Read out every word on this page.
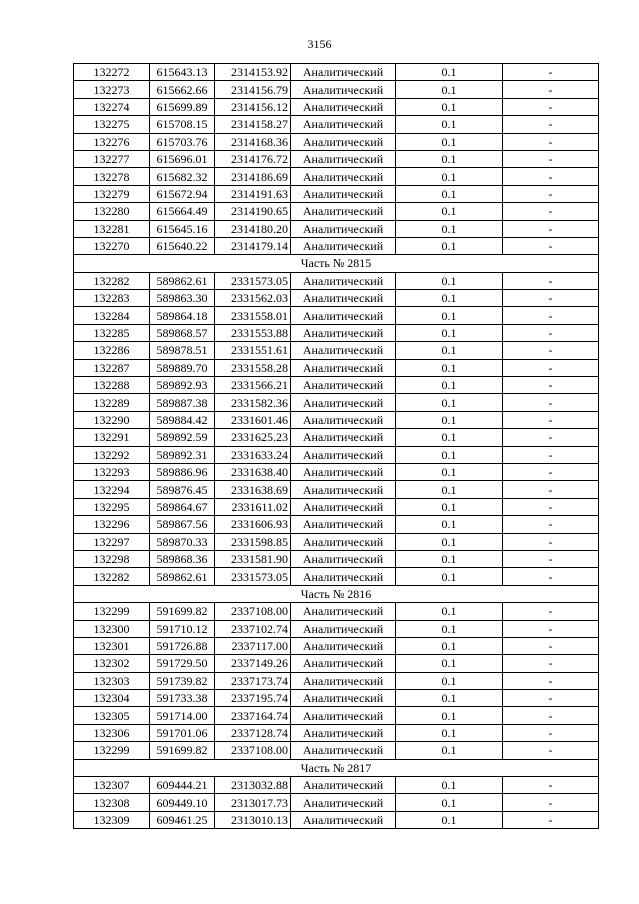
3156
132272	615643.13	2314153.92	Аналитический	0.1	-
132273	615662.66	2314156.79	Аналитический	0.1	-
132274	615699.89	2314156.12	Аналитический	0.1	-
132275	615708.15	2314158.27	Аналитический	0.1	-
132276	615703.76	2314168.36	Аналитический	0.1	-
132277	615696.01	2314176.72	Аналитический	0.1	-
132278	615682.32	2314186.69	Аналитический	0.1	-
132279	615672.94	2314191.63	Аналитический	0.1	-
132280	615664.49	2314190.65	Аналитический	0.1	-
132281	615645.16	2314180.20	Аналитический	0.1	-
132270	615640.22	2314179.14	Аналитический	0.1	-
Часть № 2815					
132282	589862.61	2331573.05	Аналитический	0.1	-
132283	589863.30	2331562.03	Аналитический	0.1	-
132284	589864.18	2331558.01	Аналитический	0.1	-
132285	589868.57	2331553.88	Аналитический	0.1	-
132286	589878.51	2331551.61	Аналитический	0.1	-
132287	589889.70	2331558.28	Аналитический	0.1	-
132288	589892.93	2331566.21	Аналитический	0.1	-
132289	589887.38	2331582.36	Аналитический	0.1	-
132290	589884.42	2331601.46	Аналитический	0.1	-
132291	589892.59	2331625.23	Аналитический	0.1	-
132292	589892.31	2331633.24	Аналитический	0.1	-
132293	589886.96	2331638.40	Аналитический	0.1	-
132294	589876.45	2331638.69	Аналитический	0.1	-
132295	589864.67	2331611.02	Аналитический	0.1	-
132296	589867.56	2331606.93	Аналитический	0.1	-
132297	589870.33	2331598.85	Аналитический	0.1	-
132298	589868.36	2331581.90	Аналитический	0.1	-
132282	589862.61	2331573.05	Аналитический	0.1	-
Часть № 2816					
132299	591699.82	2337108.00	Аналитический	0.1	-
132300	591710.12	2337102.74	Аналитический	0.1	-
132301	591726.88	2337117.00	Аналитический	0.1	-
132302	591729.50	2337149.26	Аналитический	0.1	-
132303	591739.82	2337173.74	Аналитический	0.1	-
132304	591733.38	2337195.74	Аналитический	0.1	-
132305	591714.00	2337164.74	Аналитический	0.1	-
132306	591701.06	2337128.74	Аналитический	0.1	-
132299	591699.82	2337108.00	Аналитический	0.1	-
Часть № 2817					
132307	609444.21	2313032.88	Аналитический	0.1	-
132308	609449.10	2313017.73	Аналитический	0.1	-
132309	609461.25	2313010.13	Аналитический	0.1	-
